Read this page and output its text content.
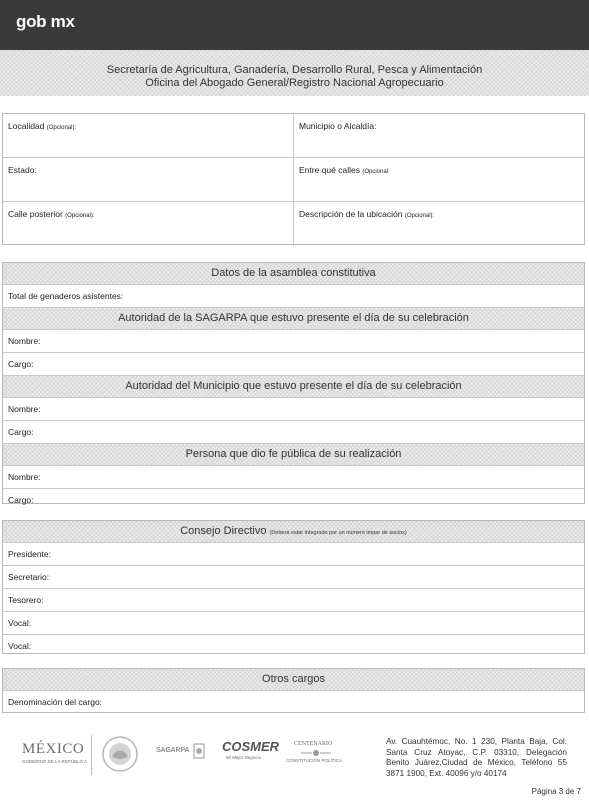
gob mx
Secretaría de Agricultura, Ganadería, Desarrollo Rural, Pesca y Alimentación
Oficina del Abogado General/Registro Nacional Agropecuario
Localidad (Opcional):	Municipio o Alcaldía:
Estado:	Entre qué calles (Opcional:
Calle posterior (Opcional):	Descripción de la ubicación (Opcional):
Datos de la asamblea constitutiva
Total de genaderos asistentes:
Autoridad de la SAGARPA que estuvo presente el día de su celebración
Nombre:
Cargo:
Autoridad del Municipio que estuvo presente el día de su celebración
Nombre:
Cargo:
Persona que dio fe pública de su realización
Nombre:
Cargo:
Consejo Directivo (Deberá estar integrado por un número impar de socios)
Presidente:
Secretario:
Tesorero:
Vocal:
Vocal:
Otros cargos
Denominación del cargo:
MÉXICO
GOBIERNO DE LA REPÚBLICA
SAGARPA	COSMER
Mi Mejor Negocio
CENTENARIO
CONSTITUCIÓN POLÍTICA
Av. Cuauhtémoc, No. 1 230, Planta Baja, Col. Santa Cruz Atoyac, C.P. 03310, Delegación Benito Juárez,Ciudad de México, Teléfono 55 3871 1900, Ext. 40096 y/o 40174
Página 3 de 7
